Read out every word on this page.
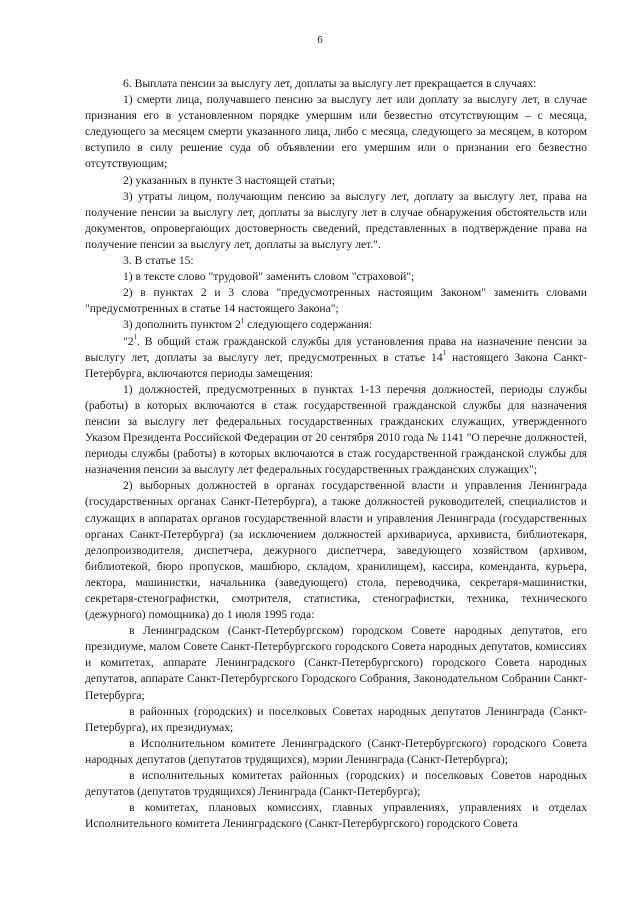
6

6. Выплата пенсии за выслугу лет, доплаты за выслугу лет прекращается в случаях:

1) смерти лица, получавшего пенсию за выслугу лет или доплату за выслугу лет, в случае признания его в установленном порядке умершим или безвестно отсутствующим – с месяца, следующего за месяцем смерти указанного лица, либо с месяца, следующего за месяцем, в котором вступило в силу решение суда об объявлении его умершим или о признании его безвестно отсутствующим;

2) указанных в пункте 3 настоящей статьи;

3) утраты лицом, получающим пенсию за выслугу лет, доплату за выслугу лет, права на получение пенсии за выслугу лет, доплаты за выслугу лет в случае обнаружения обстоятельств или документов, опровергающих достоверность сведений, представленных в подтверждение права на получение пенсии за выслугу лет, доплаты за выслугу лет.".

3. В статье 15:

1) в тексте слово "трудовой" заменить словом "страховой";

2) в пунктах 2 и 3 слова "предусмотренных настоящим Законом" заменить словами "предусмотренных в статье 14 настоящего Закона";

3) дополнить пунктом $2^1$ следующего содержания:

"$2^1$. В общий стаж гражданской службы для установления права на назначение пенсии за выслугу лет, доплаты за выслугу лет, предусмотренных в статье $14^1$ настоящего Закона Санкт-Петербурга, включаются периоды замещения:

1) должностей, предусмотренных в пунктах 1-13 перечня должностей, периоды службы (работы) в которых включаются в стаж государственной гражданской службы для назначения пенсии за выслугу лет федеральных государственных гражданских служащих, утвержденного Указом Президента Российской Федерации от 20 сентября 2010 года № 1141 "О перечне должностей, периоды службы (работы) в которых включаются в стаж государственной гражданской службы для назначения пенсии за выслугу лет федеральных государственных гражданских служащих";

2) выборных должностей в органах государственной власти и управления Ленинграда (государственных органах Санкт-Петербурга), а также должностей руководителей, специалистов и служащих в аппаратах органов государственной власти и управления Ленинграда (государственных органах Санкт-Петербурга) (за исключением должностей архивариуса, архивиста, библиотекаря, делопроизводителя, диспетчера, дежурного диспетчера, заведующего хозяйством (архивом, библиотекой, бюро пропусков, машбюро, складом, хранилищем), кассира, коменданта, курьера, лектора, машинистки, начальника (заведующего) стола, переводчика, секретаря-машинистки, секретаря-стенографистки, смотрителя, статистика, стенографистки, техника, технического (дежурного) помощника) до 1 июля 1995 года:

в Ленинградском (Санкт-Петербургском) городском Совете народных депутатов, его президиуме, малом Совете Санкт-Петербургского городского Совета народных депутатов, комиссиях и комитетах, аппарате Ленинградского (Санкт-Петербургского) городского Совета народных депутатов, аппарате Санкт-Петербургского Городского Собрания, Законодательном Собрании Санкт-Петербурга;

в районных (городских) и поселковых Советах народных депутатов Ленинграда (Санкт-Петербурга), их президиумах;

в Исполнительном комитете Ленинградского (Санкт-Петербургского) городского Совета народных депутатов (депутатов трудящихся), мэрии Ленинграда (Санкт-Петербурга);

в исполнительных комитетах районных (городских) и поселковых Советов народных депутатов (депутатов трудящихся) Ленинграда (Санкт-Петербурга);

в комитетах, плановых комиссиях, главных управлениях, управлениях и отделах Исполнительного комитета Ленинградского (Санкт-Петербургского) городского Совета
